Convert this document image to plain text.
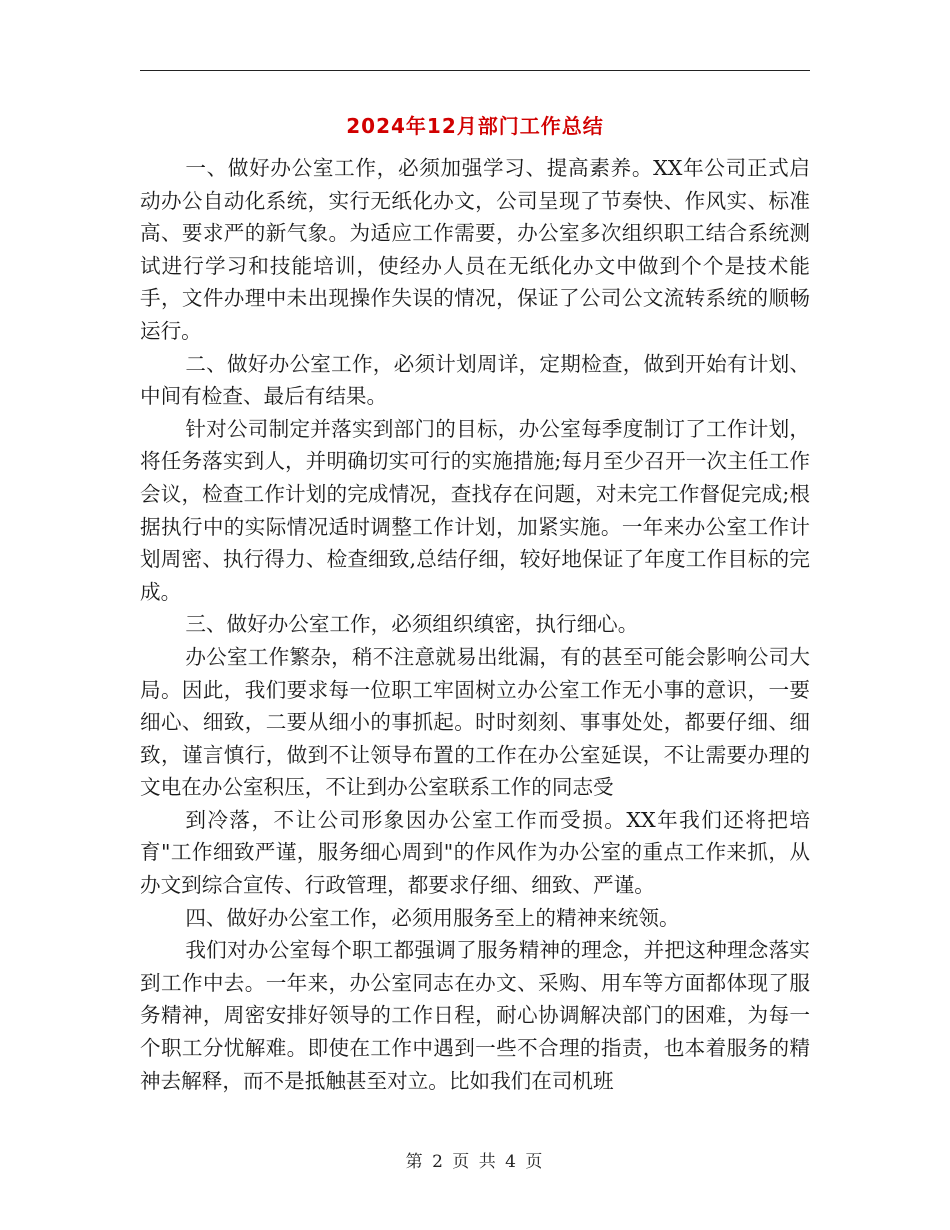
2024年12月部门工作总结

一、做好办公室工作，必须加强学习、提高素养。XX年公司正式启动办公自动化系统，实行无纸化办文，公司呈现了节奏快、作风实、标准高、要求严的新气象。为适应工作需要，办公室多次组织职工结合系统测试进行学习和技能培训，使经办人员在无纸化办文中做到个个是技术能手，文件办理中未出现操作失误的情况，保证了公司公文流转系统的顺畅运行。

二、做好办公室工作，必须计划周详，定期检查，做到开始有计划、中间有检查、最后有结果。

针对公司制定并落实到部门的目标，办公室每季度制订了工作计划，将任务落实到人，并明确切实可行的实施措施;每月至少召开一次主任工作会议，检查工作计划的完成情况，查找存在问题，对未完工作督促完成;根据执行中的实际情况适时调整工作计划，加紧实施。一年来办公室工作计划周密、执行得力、检查细致,总结仔细，较好地保证了年度工作目标的完成。

三、做好办公室工作，必须组织缜密，执行细心。

办公室工作繁杂，稍不注意就易出纰漏，有的甚至可能会影响公司大局。因此，我们要求每一位职工牢固树立办公室工作无小事的意识，一要细心、细致，二要从细小的事抓起。时时刻刻、事事处处，都要仔细、细致，谨言慎行，做到不让领导布置的工作在办公室延误，不让需要办理的文电在办公室积压，不让到办公室联系工作的同志受

到冷落，不让公司形象因办公室工作而受损。XX年我们还将把培育"工作细致严谨，服务细心周到"的作风作为办公室的重点工作来抓，从办文到综合宣传、行政管理，都要求仔细、细致、严谨。

四、做好办公室工作，必须用服务至上的精神来统领。

我们对办公室每个职工都强调了服务精神的理念，并把这种理念落实到工作中去。一年来，办公室同志在办文、采购、用车等方面都体现了服务精神，周密安排好领导的工作日程，耐心协调解决部门的困难，为每一个职工分忧解难。即使在工作中遇到一些不合理的指责，也本着服务的精神去解释，而不是抵触甚至对立。比如我们在司机班

第 2 页 共 4 页
